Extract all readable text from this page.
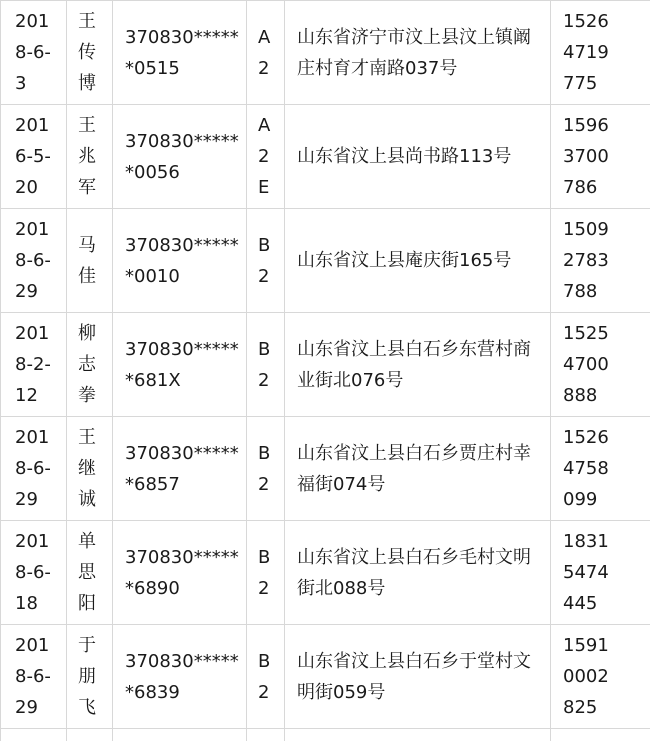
2018-6-3	王传博	370830******0515	A2	山东省济宁市汶上县汶上镇阚庄村育才南路037号	15264719775

2016-5-20	王兆军	370830******0056	A2E	山东省汶上县尚书路113号	15963700786

2018-6-29	马佳	370830******0010	B2	山东省汶上县庵庆街165号	15092783788

2018-2-12	柳志拳	370830******681X	B2	山东省汶上县白石乡东营村商业街北076号	15254700888

2018-6-29	王继诚	370830******6857	B2	山东省汶上县白石乡贾庄村幸福街074号	15264758099

2018-6-18	单思阳	370830******6890	B2	山东省汶上县白石乡毛村文明街北088号	18315474445

2018-6-29	于朋飞	370830******6839	B2	山东省汶上县白石乡于堂村文明街059号	15910002825
